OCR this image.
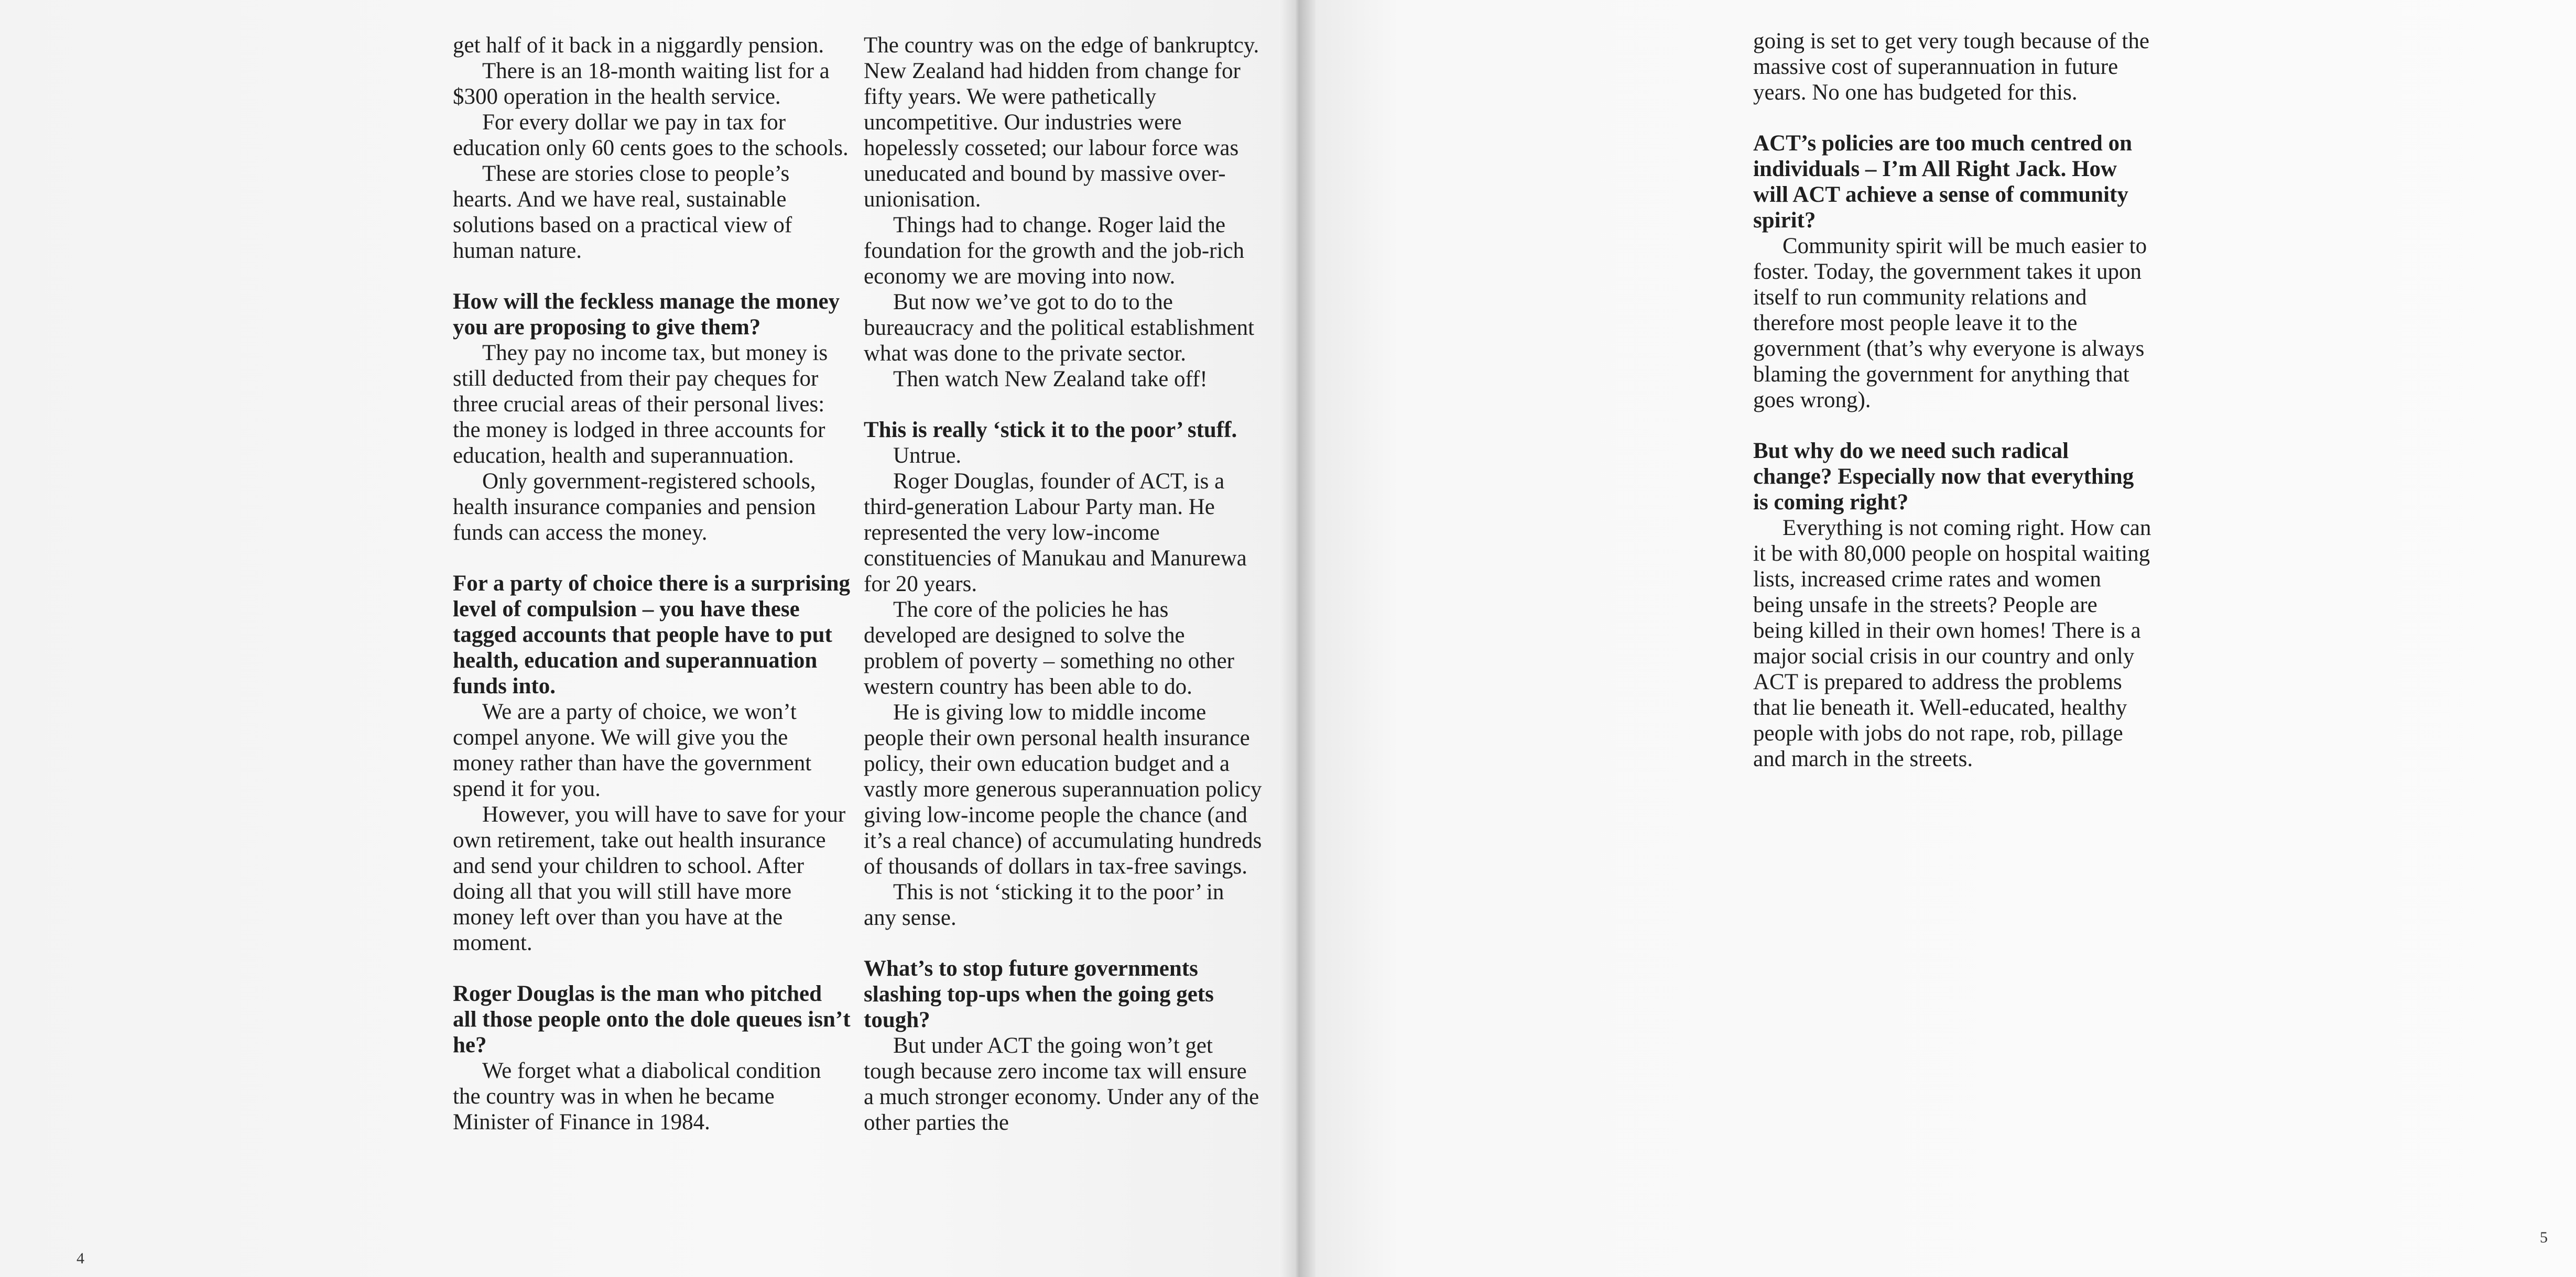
get half of it back in a niggardly pension.

There is an 18-month waiting list for a $300 operation in the health service.

For every dollar we pay in tax for education only 60 cents goes to the schools.

These are stories close to people’s hearts. And we have real, sustainable solutions based on a practical view of human nature.

How will the feckless manage the money you are proposing to give them?

They pay no income tax, but money is still deducted from their pay cheques for three crucial areas of their personal lives: the money is lodged in three accounts for education, health and superannuation.

Only government-registered schools, health insurance companies and pension funds can access the money.

For a party of choice there is a surprising level of compulsion – you have these tagged accounts that people have to put health, education and superannuation funds into.

We are a party of choice, we won’t compel anyone. We will give you the money rather than have the government spend it for you.

However, you will have to save for your own retirement, take out health insurance and send your children to school. After doing all that you will still have more money left over than you have at the moment.

Roger Douglas is the man who pitched all those people onto the dole queues isn’t he?

We forget what a diabolical condition the country was in when he became Minister of Finance in 1984.

The country was on the edge of bankruptcy. New Zealand had hidden from change for fifty years. We were pathetically uncompetitive. Our industries were hopelessly cosseted; our labour force was uneducated and bound by massive over-unionisation.

Things had to change. Roger laid the foundation for the growth and the job-rich economy we are moving into now.

But now we’ve got to do to the bureaucracy and the political establishment what was done to the private sector.

Then watch New Zealand take off!

This is really ‘stick it to the poor’ stuff.

Untrue.

Roger Douglas, founder of ACT, is a third-generation Labour Party man. He represented the very low-income constituencies of Manukau and Manurewa for 20 years.

The core of the policies he has developed are designed to solve the problem of poverty – something no other western country has been able to do.

He is giving low to middle income people their own personal health insurance policy, their own education budget and a vastly more generous superannuation policy giving low-income people the chance (and it’s a real chance) of accumulating hundreds of thousands of dollars in tax-free savings.

This is not ‘sticking it to the poor’ in any sense.

What’s to stop future governments slashing top-ups when the going gets tough?

But under ACT the going won’t get tough because zero income tax will ensure a much stronger economy. Under any of the other parties the

4

going is set to get very tough because of the massive cost of superannuation in future years. No one has budgeted for this.

ACT’s policies are too much centred on individuals – I’m All Right Jack. How will ACT achieve a sense of community spirit?

Community spirit will be much easier to foster. Today, the government takes it upon itself to run community relations and therefore most people leave it to the government (that’s why everyone is always blaming the government for anything that goes wrong).

But why do we need such radical change? Especially now that everything is coming right?

Everything is not coming right. How can it be with 80,000 people on hospital waiting lists, increased crime rates and women being unsafe in the streets? People are being killed in their own homes! There is a major social crisis in our country and only ACT is prepared to address the problems that lie beneath it. Well-educated, healthy people with jobs do not rape, rob, pillage and march in the streets.

5
